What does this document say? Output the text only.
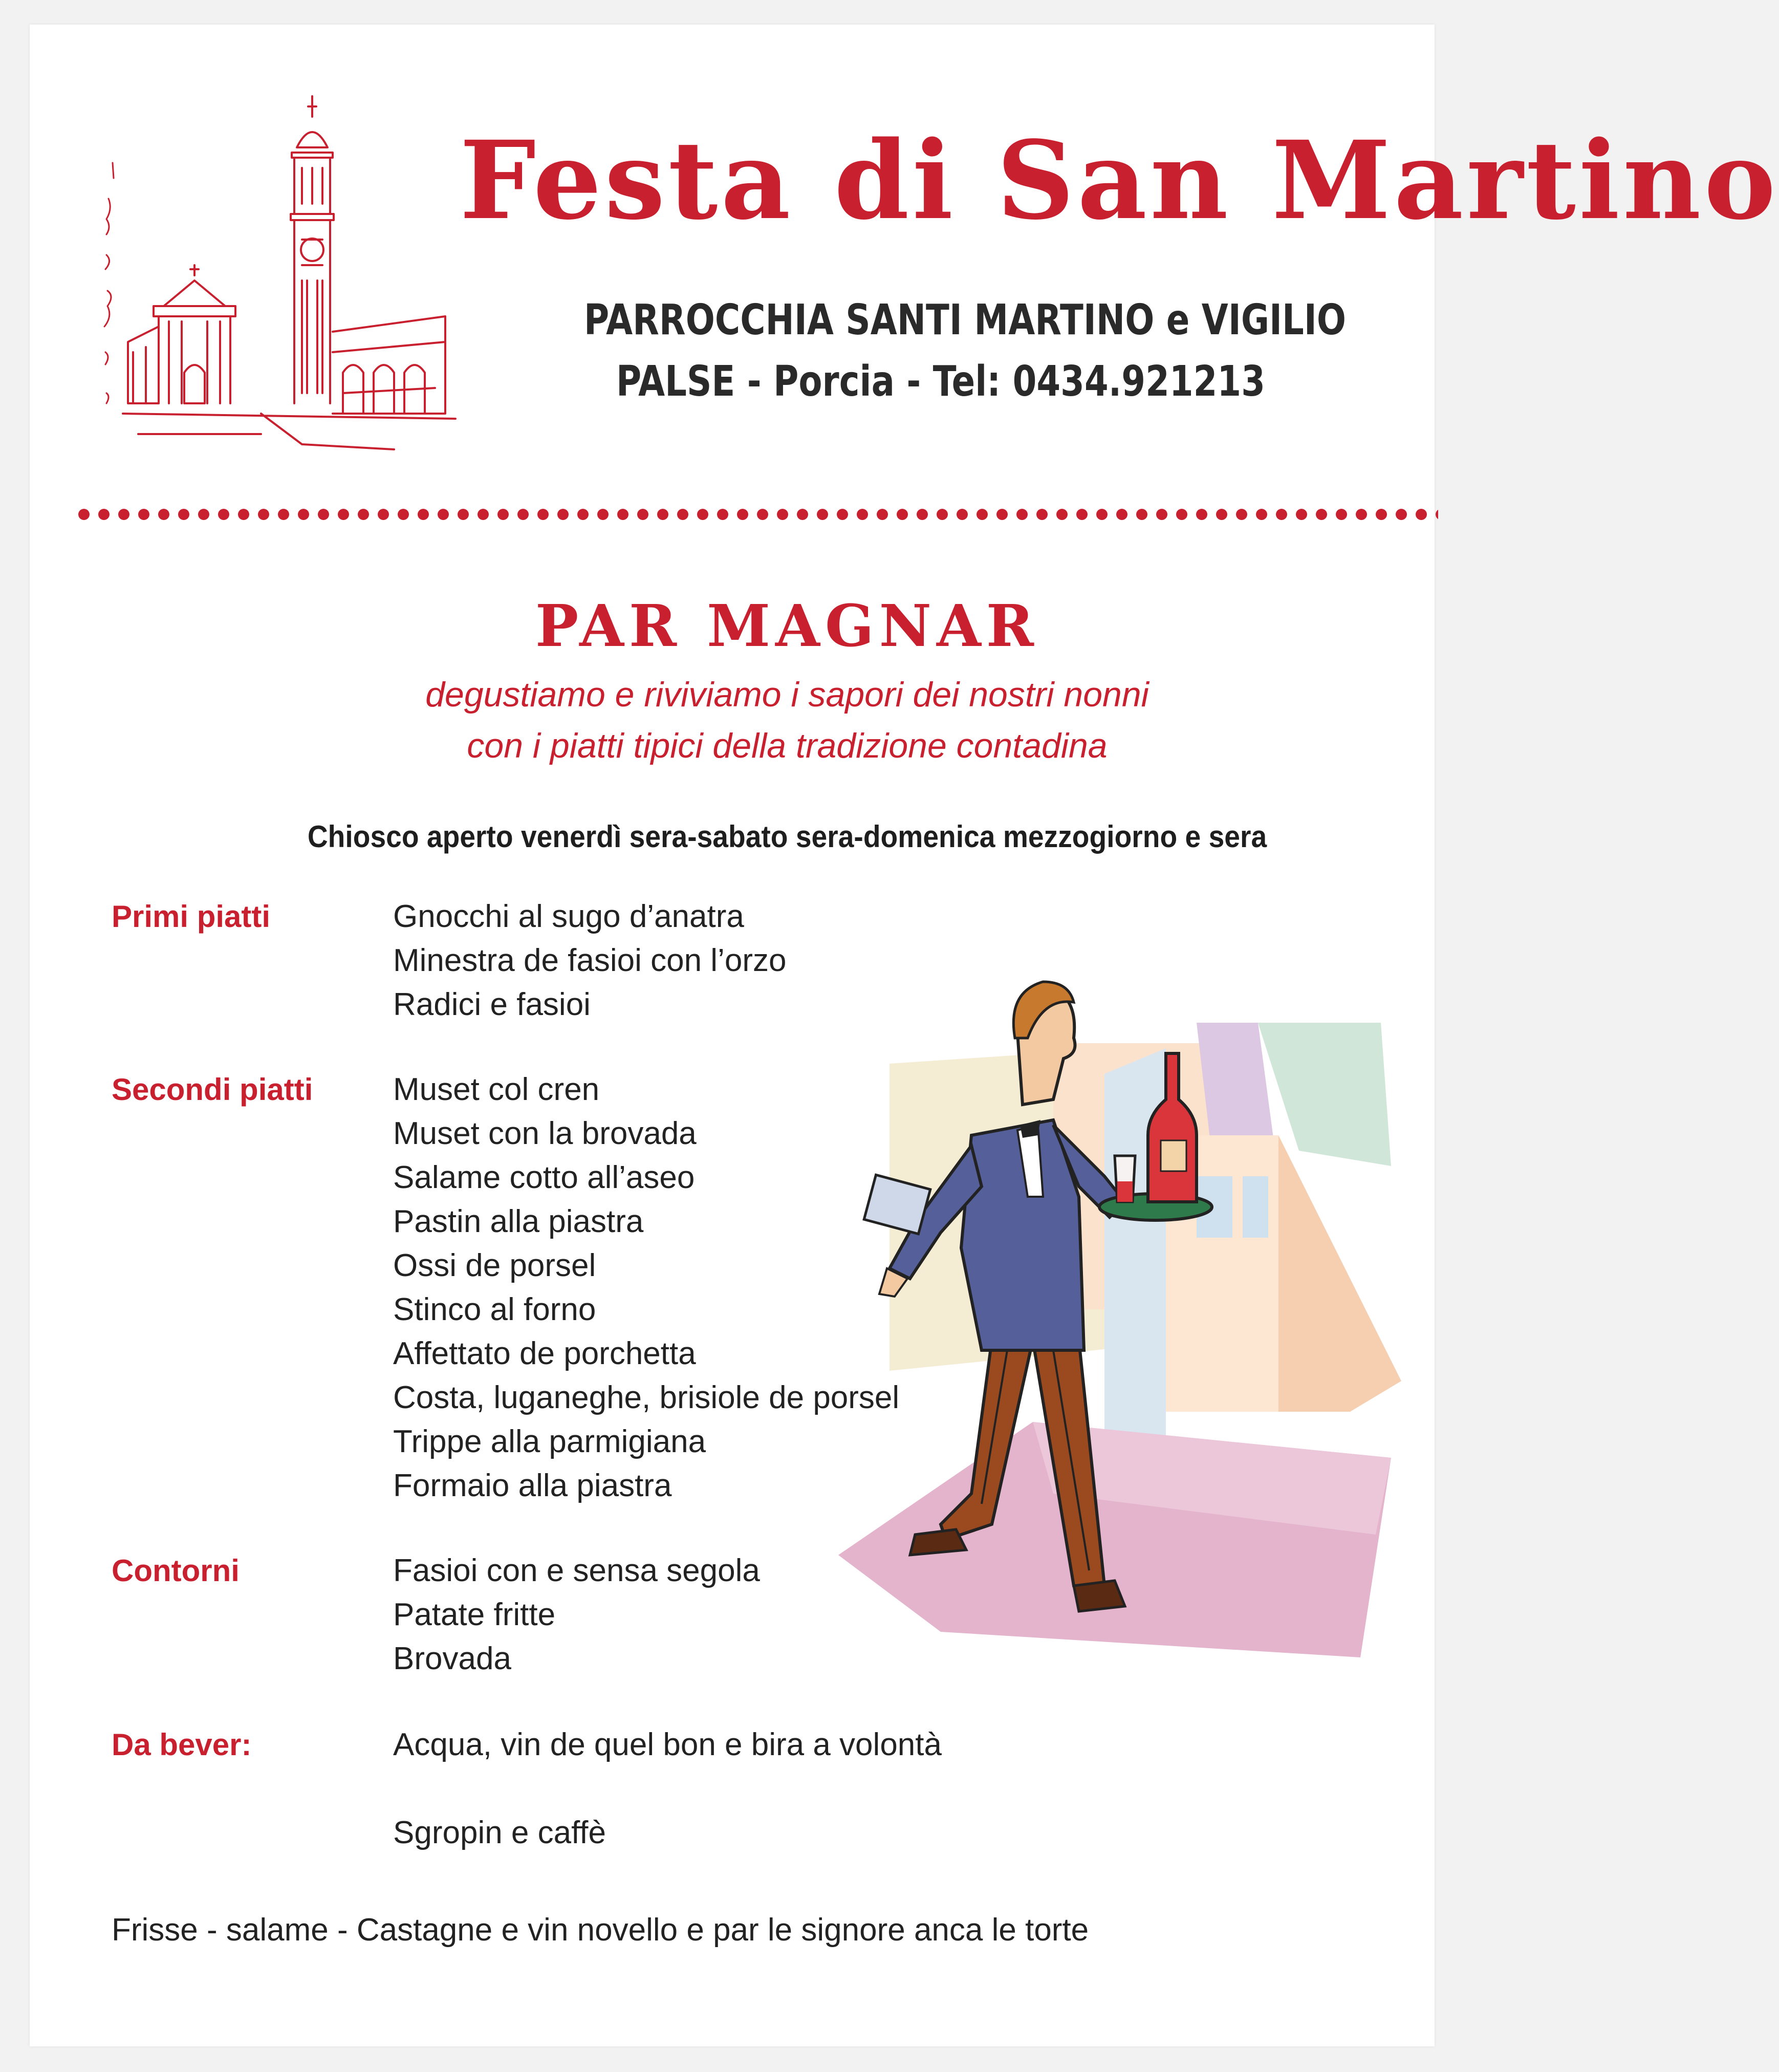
Festa di San Martino
PARROCCHIA SANTI MARTINO e VIGILIO
PALSE - Porcia - Tel: 0434.921213
PAR MAGNAR
degustiamo e riviviamo i sapori dei nostri nonni
con i piatti tipici della tradizione contadina
Chiosco aperto venerdì sera-sabato sera-domenica mezzogiorno e sera
Primi piatti	Gnocchi al sugo d’anatra
Minestra de fasioi con l’orzo
Radici e fasioi
Secondi piatti	Muset col cren
Muset con la brovada
Salame cotto all’aseo
Pastin alla piastra
Ossi de porsel
Stinco al forno
Affettato de porchetta
Costa, luganeghe, brisiole de porsel
Trippe alla parmigiana
Formaio alla piastra
Contorni	Fasioi con e sensa segola
Patate fritte
Brovada
Da bever:	Acqua, vin de quel bon e bira a volontà
Sgropin e caffè
Frisse - salame - Castagne e vin novello e par le signore anca le torte
